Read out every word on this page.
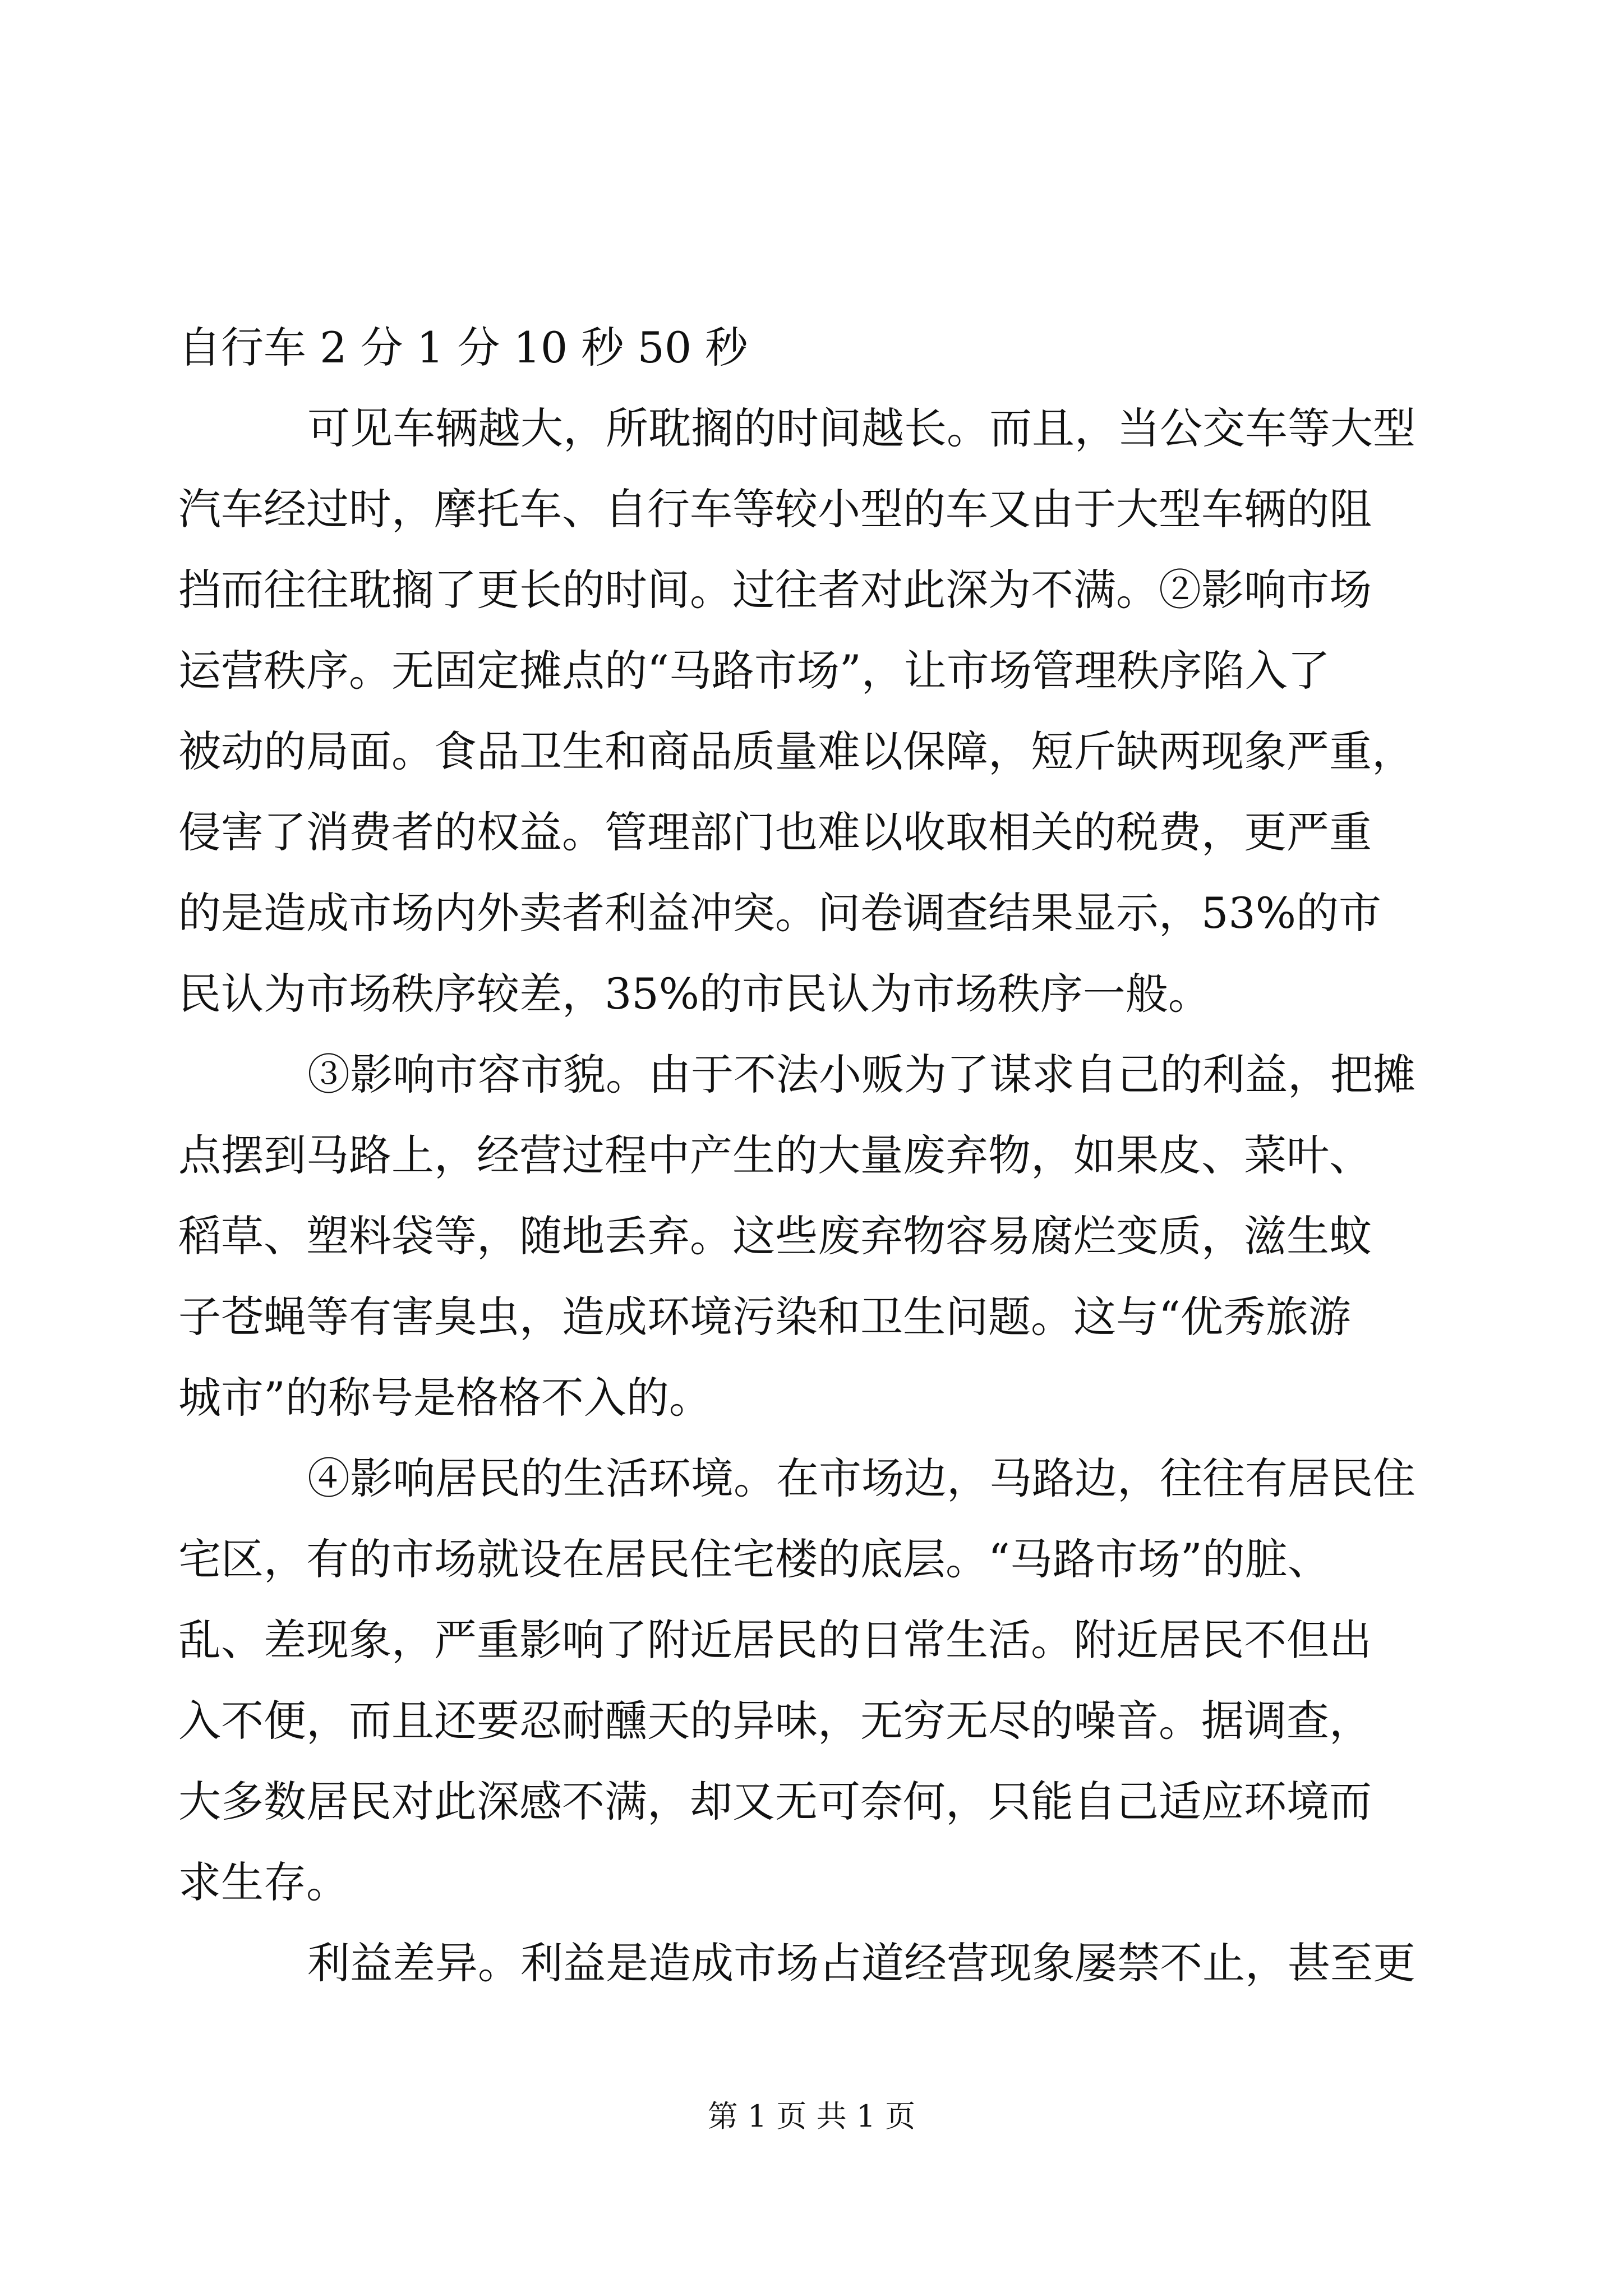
自行车 2 分 1 分 10 秒 50 秒
可见车辆越大，所耽搁的时间越长。而且，当公交车等大型
汽车经过时，摩托车、自行车等较小型的车又由于大型车辆的阻
挡而往往耽搁了更长的时间。过往者对此深为不满。②影响市场
运营秩序。无固定摊点的“马路市场”，让市场管理秩序陷入了
被动的局面。食品卫生和商品质量难以保障，短斤缺两现象严重，
侵害了消费者的权益。管理部门也难以收取相关的税费，更严重
的是造成市场内外卖者利益冲突。问卷调查结果显示，53%的市
民认为市场秩序较差，35%的市民认为市场秩序一般。
③影响市容市貌。由于不法小贩为了谋求自己的利益，把摊
点摆到马路上，经营过程中产生的大量废弃物，如果皮、菜叶、
稻草、塑料袋等，随地丢弃。这些废弃物容易腐烂变质，滋生蚊
子苍蝇等有害臭虫，造成环境污染和卫生问题。这与“优秀旅游
城市”的称号是格格不入的。
④影响居民的生活环境。在市场边，马路边，往往有居民住
宅区，有的市场就设在居民住宅楼的底层。“马路市场”的脏、
乱、差现象，严重影响了附近居民的日常生活。附近居民不但出
入不便，而且还要忍耐醺天的异味，无穷无尽的噪音。据调查，
大多数居民对此深感不满，却又无可奈何，只能自己适应环境而
求生存。
利益差异。利益是造成市场占道经营现象屡禁不止，甚至更
第 1 页 共 1 页
